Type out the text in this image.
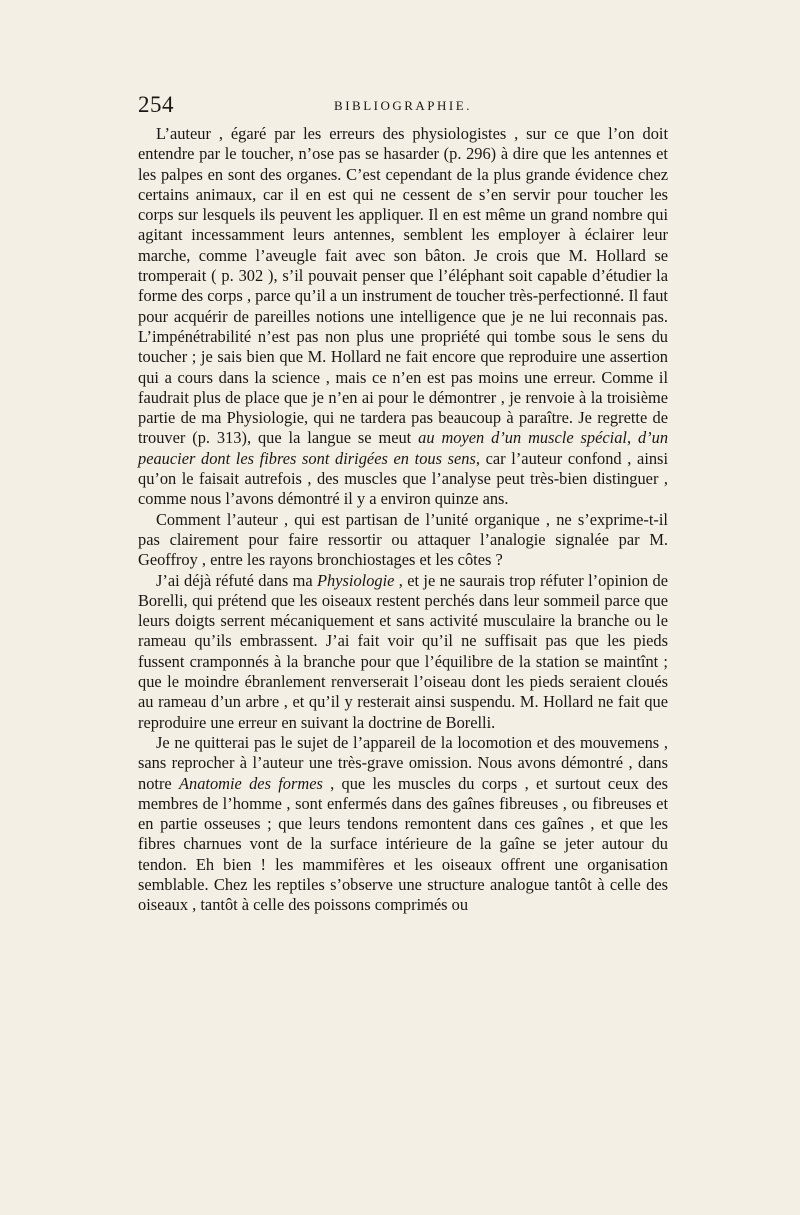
254	BIBLIOGRAPHIE.

L’auteur , égaré par les erreurs des physiologistes , sur ce que l’on doit entendre par le toucher, n’ose pas se hasarder (p. 296) à dire que les antennes et les palpes en sont des organes. C’est cependant de la plus grande évidence chez certains animaux, car il en est qui ne cessent de s’en servir pour toucher les corps sur lesquels ils peuvent les appliquer. Il en est même un grand nombre qui agitant incessamment leurs antennes, semblent les employer à éclairer leur marche, comme l’aveugle fait avec son bâton. Je crois que M. Hollard se tromperait ( p. 302 ), s’il pouvait penser que l’éléphant soit capable d’étudier la forme des corps , parce qu’il a un instrument de toucher très-perfectionné. Il faut pour acquérir de pareilles notions une intelligence que je ne lui reconnais pas. L’impénétrabilité n’est pas non plus une propriété qui tombe sous le sens du toucher ; je sais bien que M. Hollard ne fait encore que reproduire une assertion qui a cours dans la science , mais ce n’en est pas moins une erreur. Comme il faudrait plus de place que je n’en ai pour le démontrer , je renvoie à la troisième partie de ma Physiologie, qui ne tardera pas beaucoup à paraître. Je regrette de trouver (p. 313), que la langue se meut au moyen d’un muscle spécial, d’un peaucier dont les fibres sont dirigées en tous sens, car l’auteur confond , ainsi qu’on le faisait autrefois , des muscles que l’analyse peut très-bien distinguer , comme nous l’avons démontré il y a environ quinze ans.

Comment l’auteur , qui est partisan de l’unité organique , ne s’exprime-t-il pas clairement pour faire ressortir ou attaquer l’analogie signalée par M. Geoffroy , entre les rayons bronchiostages et les côtes ?

J’ai déjà réfuté dans ma Physiologie , et je ne saurais trop réfuter l’opinion de Borelli, qui prétend que les oiseaux restent perchés dans leur sommeil parce que leurs doigts serrent mécaniquement et sans activité musculaire la branche ou le rameau qu’ils embrassent. J’ai fait voir qu’il ne suffisait pas que les pieds fussent cramponnés à la branche pour que l’équilibre de la station se maintînt ; que le moindre ébranlement renverserait l’oiseau dont les pieds seraient cloués au rameau d’un arbre , et qu’il y resterait ainsi suspendu. M. Hollard ne fait que reproduire une erreur en suivant la doctrine de Borelli.

Je ne quitterai pas le sujet de l’appareil de la locomotion et des mouvemens , sans reprocher à l’auteur une très-grave omission. Nous avons démontré , dans notre Anatomie des formes , que les muscles du corps , et surtout ceux des membres de l’homme , sont enfermés dans des gaînes fibreuses , ou fibreuses et en partie osseuses ; que leurs tendons remontent dans ces gaînes , et que les fibres charnues vont de la surface intérieure de la gaîne se jeter autour du tendon. Eh bien ! les mammifères et les oiseaux offrent une organisation semblable. Chez les reptiles s’observe une structure analogue tantôt à celle des oiseaux , tantôt à celle des poissons comprimés ou
